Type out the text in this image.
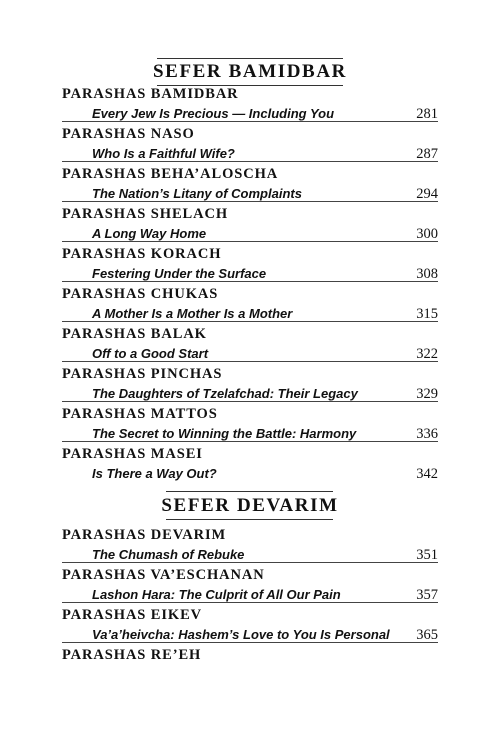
SEFER BAMIDBAR
PARASHAS BAMIDBAR
Every Jew Is Precious — Including You	281
PARASHAS NASO
Who Is a Faithful Wife?	287
PARASHAS BEHA’ALOSCHA
The Nation’s Litany of Complaints	294
PARASHAS SHELACH
A Long Way Home	300
PARASHAS KORACH
Festering Under the Surface	308
PARASHAS CHUKAS
A Mother Is a Mother Is a Mother	315
PARASHAS BALAK
Off to a Good Start	322
PARASHAS PINCHAS
The Daughters of Tzelafchad: Their Legacy	329
PARASHAS MATTOS
The Secret to Winning the Battle: Harmony	336
PARASHAS MASEI
Is There a Way Out?	342
SEFER DEVARIM
PARASHAS DEVARIM
The Chumash of Rebuke	351
PARASHAS VA’ESCHANAN
Lashon Hara: The Culprit of All Our Pain	357
PARASHAS EIKEV
Va’a’heivcha: Hashem’s Love to You Is Personal 365
PARASHAS RE’EH
